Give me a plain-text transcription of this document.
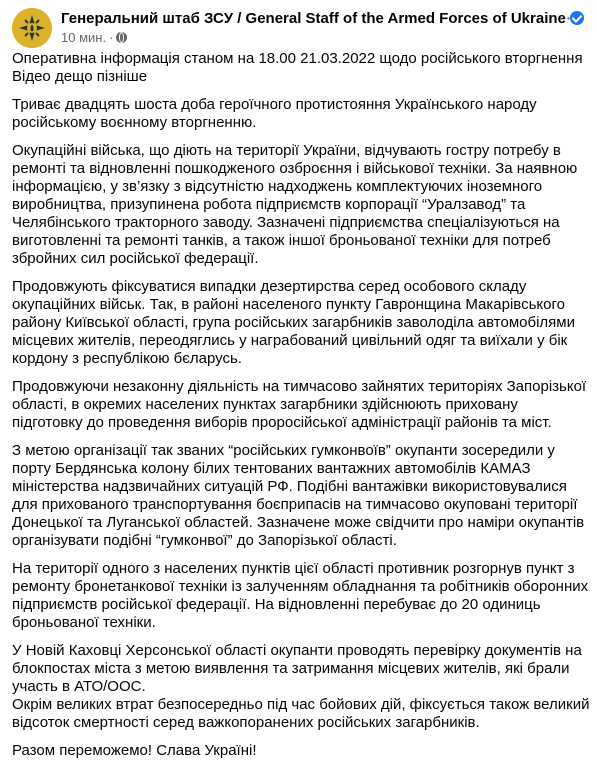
Генеральний штаб ЗСУ / General Staff of the Armed Forces of Ukraine
10 мин. ·
···

Оперативна інформація станом на 18.00 21.03.2022 щодо російського вторгнення
Відео дещо пізніше

Триває двадцять шоста доба героїчного протистояння Українського народу російському воєнному вторгненню.

Окупаційні війська, що діють на території України, відчувають гостру потребу в ремонті та відновленні пошкодженого озброєння і військової техніки. За наявною інформацією, у зв’язку з відсутністю надходжень комплектуючих іноземного виробництва, призупинена робота підприємств корпорації “Уралзавод” та Челябінського тракторного заводу. Зазначені підприємства спеціалізуються на виготовленні та ремонті танків, а також іншої броньованої техніки для потреб збройних сил російської федерації.

Продовжують фіксуватися випадки дезертирства серед особового складу окупаційних військ. Так, в районі населеного пункту Гавронщина Макарівського району Київської області, група російських загарбників заволоділа автомобілями місцевих жителів, переодяглись у награбований цивільний одяг та виїхали у бік кордону з республікою бєларусь.

Продовжуючи незаконну діяльність на тимчасово зайнятих територіях Запорізької області, в окремих населених пунктах загарбники здійснюють приховану підготовку до проведення виборів проросійської адміністрації районів та міст.

З метою організації так званих “російських гумконвоїв” окупанти зосередили у порту Бердянська колону білих тентованих вантажних автомобілів КАМАЗ міністерства надзвичайних ситуацій РФ. Подібні вантажівки використовувалися для прихованого транспортування боєприпасів на тимчасово окуповані території Донецької та Луганської областей. Зазначене може свідчити про наміри окупантів організувати подібні “гумконвої” до Запорізької області.

На території одного з населених пунктів цієї області противник розгорнув пункт з ремонту бронетанкової техніки із залученням обладнання та робітників оборонних підприємств російської федерації. На відновленні перебуває до 20 одиниць броньованої техніки.

У Новій Каховці Херсонської області окупанти проводять перевірку документів на блокпостах міста з метою виявлення та затримання місцевих жителів, які брали участь в АТО/ООС.
Окрім великих втрат безпосередньо під час бойових дій, фіксується також великий відсоток смертності серед важкопоранених російських загарбників.

Разом переможемо! Слава Україні!
